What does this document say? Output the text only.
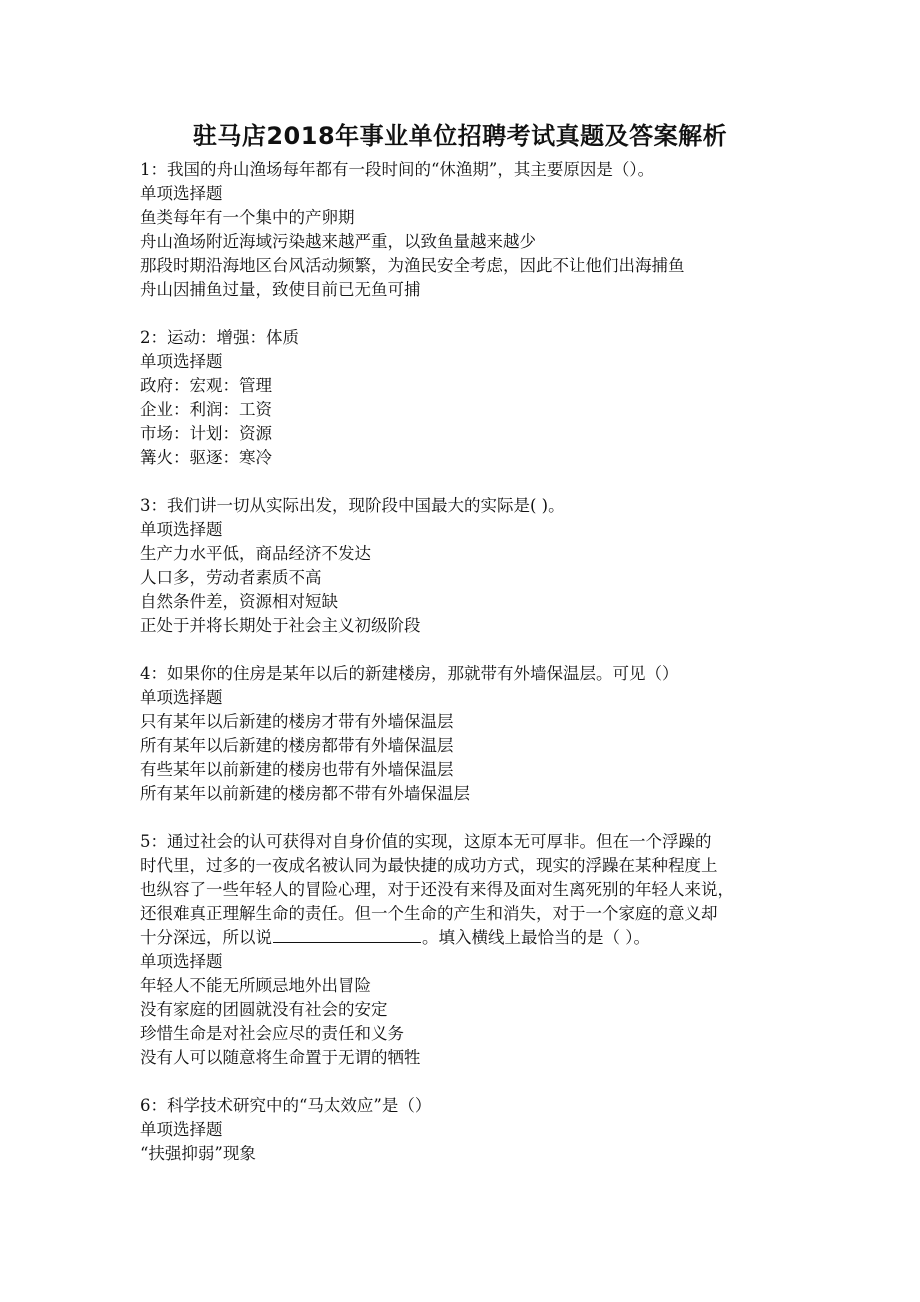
驻马店2018年事业单位招聘考试真题及答案解析
1：我国的舟山渔场每年都有一段时间的“休渔期”，其主要原因是（）。
单项选择题
鱼类每年有一个集中的产卵期
舟山渔场附近海域污染越来越严重，以致鱼量越来越少
那段时期沿海地区台风活动频繁，为渔民安全考虑，因此不让他们出海捕鱼
舟山因捕鱼过量，致使目前已无鱼可捕
2：运动：增强：体质
单项选择题
政府：宏观：管理
企业：利润：工资
市场：计划：资源
篝火：驱逐：寒冷
3：我们讲一切从实际出发，现阶段中国最大的实际是( )。
单项选择题
生产力水平低，商品经济不发达
人口多，劳动者素质不高
自然条件差，资源相对短缺
正处于并将长期处于社会主义初级阶段
4：如果你的住房是某年以后的新建楼房，那就带有外墙保温层。可见（）
单项选择题
只有某年以后新建的楼房才带有外墙保温层
所有某年以后新建的楼房都带有外墙保温层
有些某年以前新建的楼房也带有外墙保温层
所有某年以前新建的楼房都不带有外墙保温层
5：通过社会的认可获得对自身价值的实现，这原本无可厚非。但在一个浮躁的
时代里，过多的一夜成名被认同为最快捷的成功方式，现实的浮躁在某种程度上
也纵容了一些年轻人的冒险心理，对于还没有来得及面对生离死别的年轻人来说，
还很难真正理解生命的责任。但一个生命的产生和消失，对于一个家庭的意义却
十分深远，所以说	。填入横线上最恰当的是（ ）。
单项选择题
年轻人不能无所顾忌地外出冒险
没有家庭的团圆就没有社会的安定
珍惜生命是对社会应尽的责任和义务
没有人可以随意将生命置于无谓的牺牲
6：科学技术研究中的“马太效应”是（）
单项选择题
“扶强抑弱”现象
